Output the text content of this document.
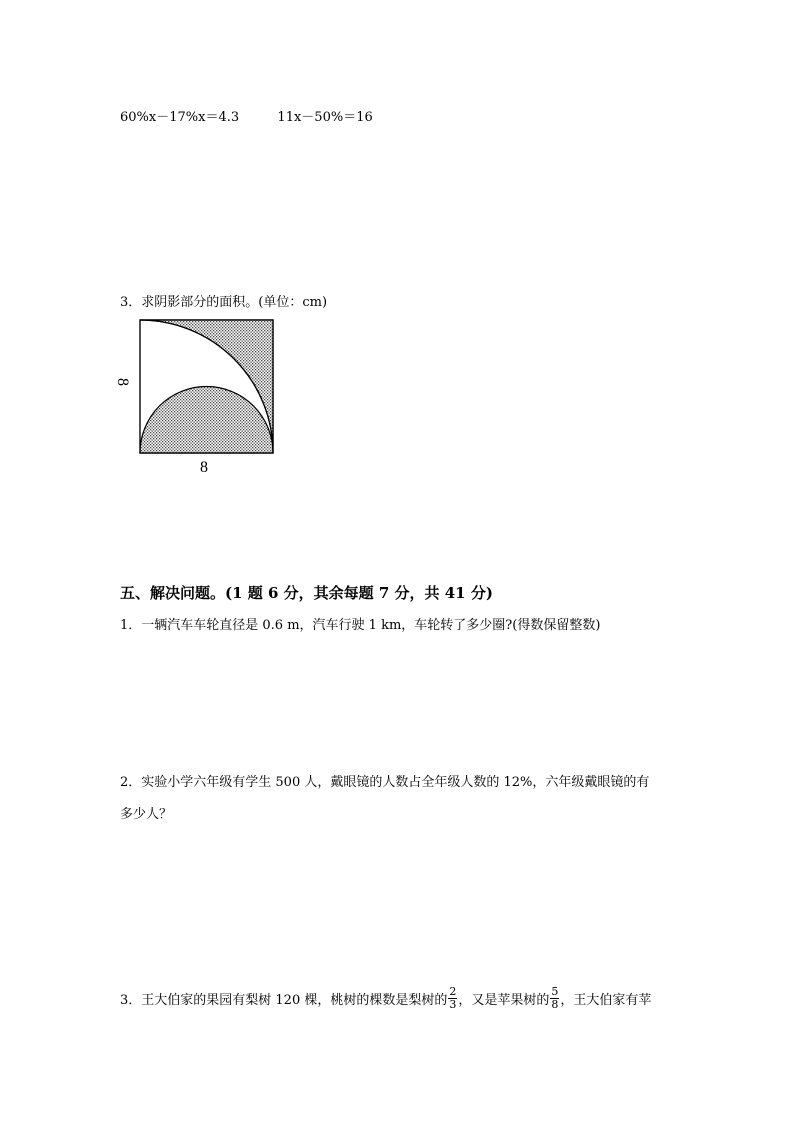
60%x－17%x＝4.3	11x－50%＝16
3．求阴影部分的面积。(单位：cm)
8
8
五、解决问题。(1 题 6 分，其余每题 7 分，共 41 分)
1．一辆汽车车轮直径是 0.6 m，汽车行驶 1 km，车轮转了多少圈?(得数保留整数)
2．实验小学六年级有学生 500 人，戴眼镜的人数占全年级人数的 12%，六年级戴眼镜的有
多少人？
3．王大伯家的果园有梨树 120 棵，桃树的棵数是梨树的 $\frac{2}{3}$ ，又是苹果树的 $\frac{5}{8}$ ，王大伯家有苹
